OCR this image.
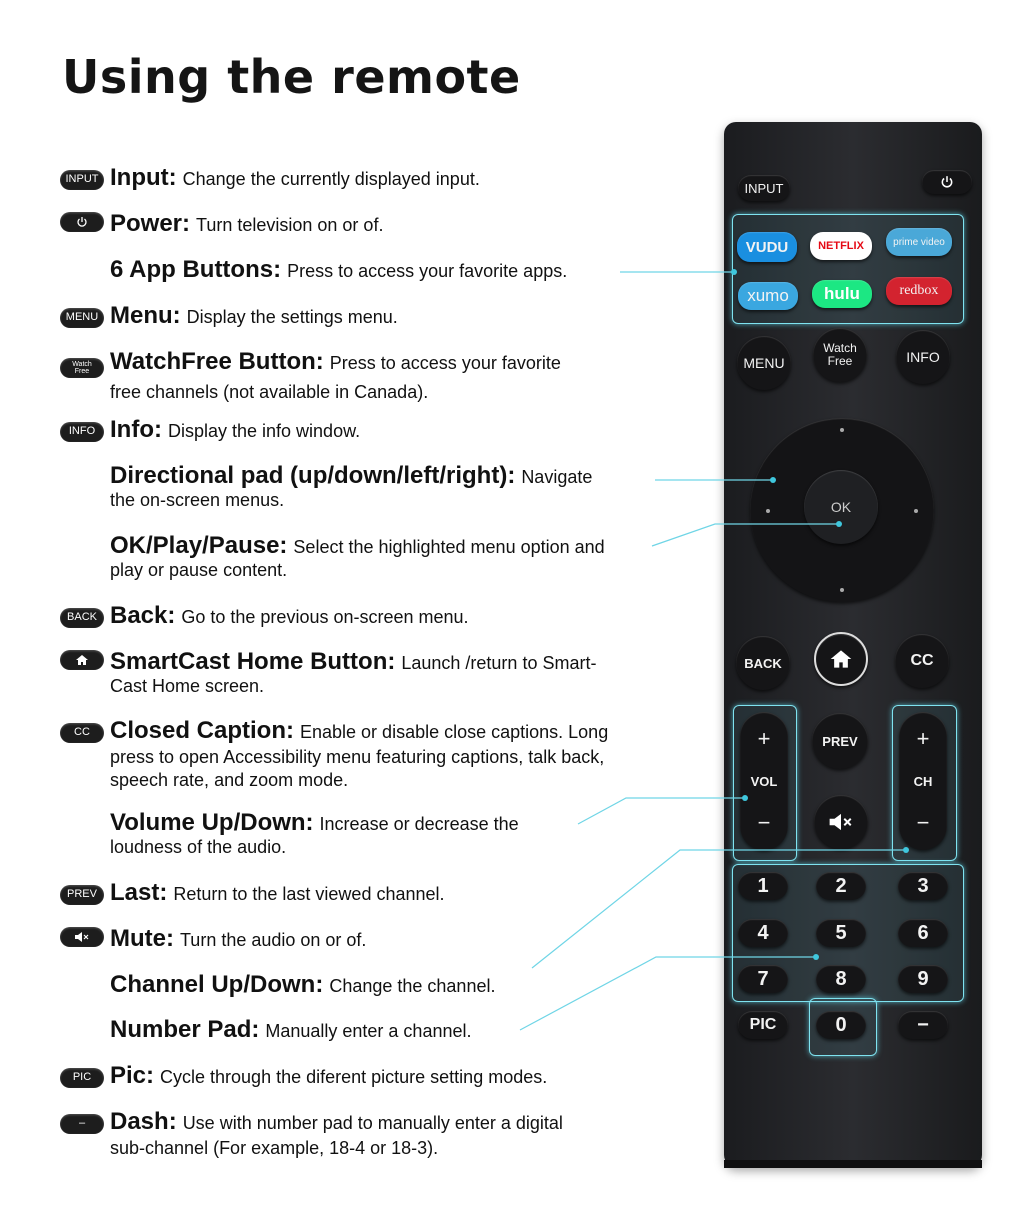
Using the remote
INPUT Input: Change the currently displayed input.
Power: Turn television on or of.
6 App Buttons: Press to access your favorite apps.
MENU Menu: Display the settings menu.
Watch
Free WatchFree Button: Press to access your favorite
free channels (not available in Canada).
INFO Info: Display the info window.
Directional pad (up/down/left/right): Navigate
the on-screen menus.
OK/Play/Pause: Select the highlighted menu option and
play or pause content.
BACK Back: Go to the previous on-screen menu.
SmartCast Home Button: Launch /return to Smart-
Cast Home screen.
CC Closed Caption: Enable or disable close captions. Long
press to open Accessibility menu featuring captions, talk back,
speech rate, and zoom mode.
Volume Up/Down: Increase or decrease the
loudness of the audio.
PREV Last: Return to the last viewed channel.
Mute: Turn the audio on or of.
Channel Up/Down: Change the channel.
Number Pad: Manually enter a channel.
PIC Pic: Cycle through the diferent picture setting modes.
–	Dash: Use with number pad to manually enter a digital
sub-channel (For example, 18-4 or 18-3).
INPUT
VUDU	NETFLIX	prime video
xumo	hulu	redbox
MENU
Watch
Free	INFO
OK
BACK	CC
+
VOL
−
PREV	+
CH
−
1	2	3
4	5	6
7	8	9
PIC	0	−
